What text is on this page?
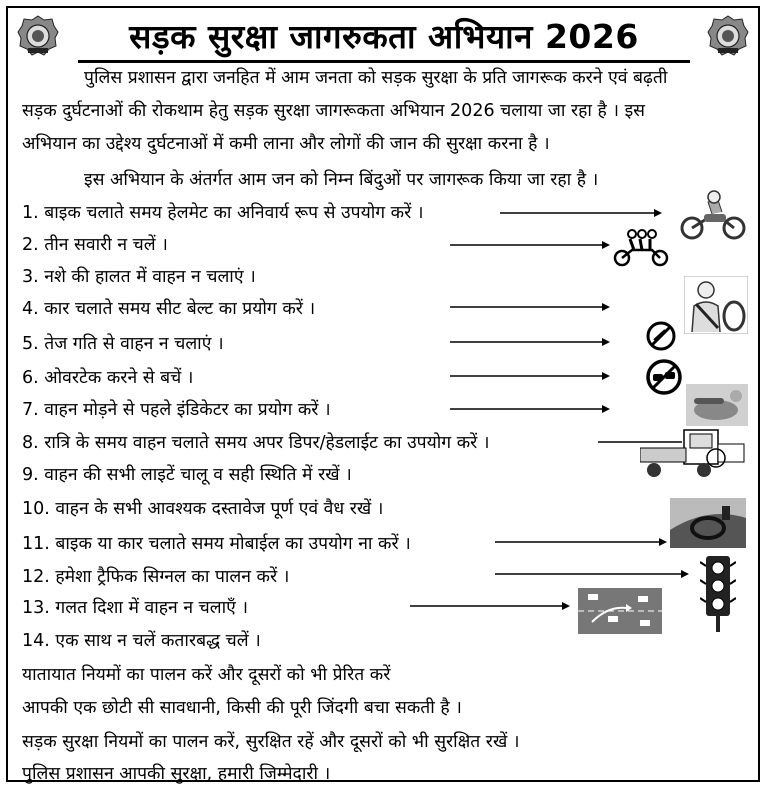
सड़क सुरक्षा जागरुकता अभियान 2026
पुलिस प्रशासन द्वारा जनहित में आम जनता को सड़क सुरक्षा के प्रति जागरूक करने एवं बढ़ती
सड़क दुर्घटनाओं की रोकथाम हेतु सड़क सुरक्षा जागरूकता अभियान 2026 चलाया जा रहा है । इस
अभियान का उद्देश्य दुर्घटनाओं में कमी लाना और लोगों की जान की सुरक्षा करना है ।
इस अभियान के अंतर्गत आम जन को निम्न बिंदुओं पर जागरूक किया जा रहा है ।
1. बाइक चलाते समय हेलमेट का अनिवार्य रूप से उपयोग करें ।
2. तीन सवारी न चलें ।
3. नशे की हालत में वाहन न चलाएं ।
4. कार चलाते समय सीट बेल्ट का प्रयोग करें ।
5. तेज गति से वाहन न चलाएं ।
6. ओवरटेक करने से बचें ।
7. वाहन मोड़ने से पहले इंडिकेटर का प्रयोग करें ।
8. रात्रि के समय वाहन चलाते समय अपर डिपर/हेडलाईट का उपयोग करें ।
9. वाहन की सभी लाइटें चालू व सही स्थिति में रखें ।
10. वाहन के सभी आवश्यक दस्तावेज पूर्ण एवं वैध रखें ।
11. बाइक या कार चलाते समय मोबाईल का उपयोग ना करें ।
12. हमेशा ट्रैफिक सिग्नल का पालन करें ।
13. गलत दिशा में वाहन न चलाएँ ।
14. एक साथ न चलें कतारबद्ध चलें ।
यातायात नियमों का पालन करें और दूसरों को भी प्रेरित करें
आपकी एक छोटी सी सावधानी, किसी की पूरी जिंदगी बचा सकती है ।
सड़क सुरक्षा नियमों का पालन करें, सुरक्षित रहें और दूसरों को भी सुरक्षित रखें ।
पुलिस प्रशासन आपकी सुरक्षा, हमारी जिम्मेदारी ।
